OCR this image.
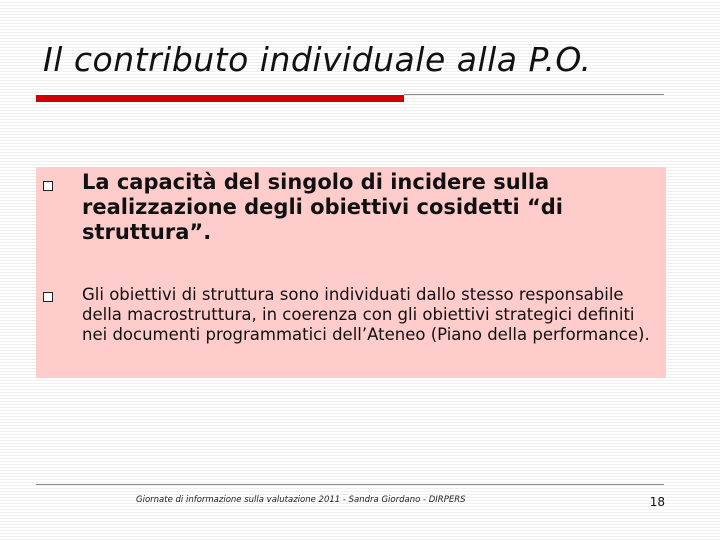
Il contributo individuale alla P.O.
La capacità del singolo di incidere sulla realizzazione degli obiettivi cosidetti “di struttura”.
Gli obiettivi di struttura sono individuati dallo stesso responsabile della macrostruttura, in coerenza con gli obiettivi strategici definiti nei documenti programmatici dell’Ateneo (Piano della performance).
Giornate di informazione sulla valutazione 2011 - Sandra Giordano - DIRPERS	18
